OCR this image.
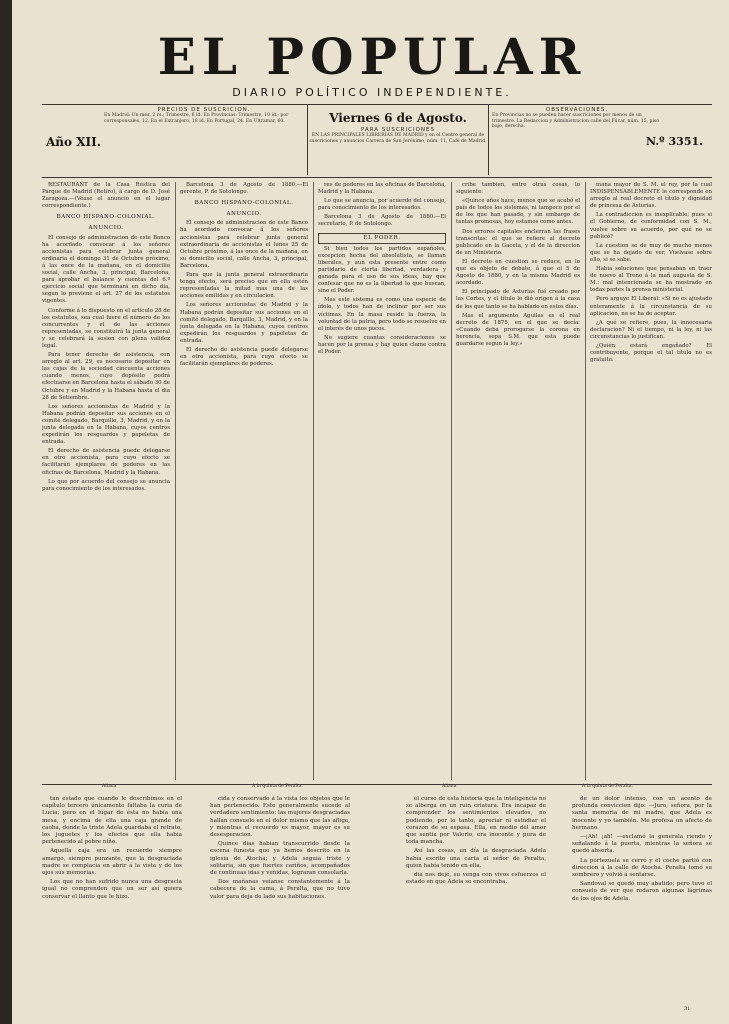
EL POPULAR
DIARIO POLÍTICO INDEPENDIENTE.
Año XII.
PRECIOS DE SUSCRICION.
En Madrid: Un mes, 2 rs.; Trimestre, 6 id. En Provincias: Trimestre, 10 id.; por corresponsales, 12. En el Extranjero, 18 id. En Portugal, 24. En Ultramar, 60.	Viernes 6 de Agosto.
PARA SUSCRICIONES
EN LAS PRINCIPALES LIBRERÍAS DE MADRID y en el Centro general de suscriciones y anuncios Carrera de San Jerónimo, núm. 11, Café de Madrid.
OBSERVACIONES.
En Provincias no se pueden hacer suscriciones por menos de un trimestre. La Redaccion y Administracion calle del Fúcar, núm. 15, piso bajo, derecha.
N.º 3351.

RESTAURANT de la Casa Rústica del Parque de Madrid (Retiro), á cargo de D. José Zaragoza.—(Véase el anuncio en el lugar correspondiente.)

BANCO HISPANO-COLONIAL.

ANUNCIO.

El consejo de administracion de este Banco ha acordado convocar á los señores accionistas para celebrar junta general ordinaria el domingo 31 de Octubre próximo, á las once de la mañana, en el domicilio social, calle Ancha, 3, principal, Barcelona, para aprobar el balance y cuentas del 6.º ejercicio social que terminará en dicho dia, segun lo previene el art. 27 de los estatutos vigentes.

Conforme á lo dispuesto en el artículo 28 de los estatutos, sea cual fuere el número de los concurrentes y el de las acciones representadas, se constituirá la junta general y se celebrará la sesion con plena validez legal.

Para tener derecho de asistencia, con arreglo al art. 29, es necesario depositar en las cajas de la sociedad cincuenta acciones cuando menos, cuyo depósito podrá efectuarse en Barcelona hasta el sábado 30 de Octubre y en Madrid y la Habana hasta el dia 28 de Setiembre.

Los señores accionistas de Madrid y la Habana podrán depositar sus acciones en el comité delegado, Barquillo, 3, Madrid, y en la junta delegada en la Habana, cuyos centros expedirán los resguardos y papeletas de entrada.

El derecho de asistencia puede delegarse en otro accionista, para cuyo efecto se facilitarán ejemplares de poderes en las oficinas de Barcelona, Madrid y la Habana.

Lo que por acuerdo del consejo se anuncia para conocimiento de los interesados.

Barcelona 3 de Agosto de 1880.—El gerente, P. de Sotolongo.

BANCO HISPANO-COLONIAL.

ANUNCIO.

El consejo de administracion de este Banco ha acordado convocar á los señores accionistas para celebrar junta general extraordinaria de accionistas el lunes 25 de Octubre próximo, á las once de la mañana, en su domicilio social, calle Ancha, 3, principal, Barcelona.

Para que la junta general extraordinaria tenga efecto, será preciso que en ella estén representadas la mitad mas una de las acciones emitidas y en circulacion.

Los señores accionistas de Madrid y la Habana podrán depositar sus acciones en el comité delegado, Barquillo, 3, Madrid, y en la junta delegada en la Habana, cuyos centros expedirán los resguardos y papeletas de entrada.

El derecho de asistencia puede delegarse en otro accionista, para cuyo efecto se facilitarán ejemplares de poderes.

res de poderes en las oficinas de Barcelona, Madrid y la Habana.

Lo que se anuncia, por acuerdo del consejo, para conocimiento de los interesados.

Barcelona 3 de Agosto de 1880.—El secretario, P. de Sotolongo.

EL PODER.

Si bien todos los partidos españoles, excepcion hecha del absolutista, se llaman liberales, y aun esta presente entre como partidario de cierta libertad, verdadera y ganada para el uso de sus ideas, hay que confesar que no es la libertad lo que buscan, sino el Poder.

Mas este sistema es como una especie de ídolo, y todos han de inclinar por ser sus víctimas. En la masa reside la fuerza, la voluntad de la patria, pero todo se resuelve en el interés de unos pocos.

No sugiere cuantas consideraciones se hacen por la prensa y hay quien clame contra el Poder.

cribe tambien, entre otras cosas, lo siguiente:

«Quince años hace, menos que se acabó el país de todos los sistemas, ni tampoco por el de los que han pasado, y sin embargo de tantas promesas, hoy estamos como antes.

Dos errores capitales enclerran las frases transcritas: el que se refiere al decreto publicado en la Gaceta, y el de la direccion de un Ministerio.

El decreto en cuestion se reduce, en lo que es objeto de debate, á que el 5 de Agosto de 1880, y en la misma Madrid es acordado.

El principado de Asturias fué creado por las Cortes, y el título le dió origen á la casa de los que tanto se ha hablado en estos días.

Mas el argumento Aguilas es el real decreto de 1875, en el que se decía: «Cuando deba prorogarse la corona en herencia, sepa S.M. que esta puede guardarse segun la ley.»

mana mayor de S. M. el rey, por la cual INDISPENSABLEMENTE le corresponde en arreglo al real decreto el título y dignidad de princesa de Asturias.

La contradiccion es inexplicable; pues si el Gobierno, de conformidad con S. M., vuelve sobre su acuerdo, por qué no se publicó?

La cuestion se de muy de mucho menos que se ha dejado de ver, Vuelvase sobre ello, si se sabe.

Habia soluciones que pensaban en traer de nuevo al Trono á la mañ augusta de S. M.: mal intencionada se ha mostrado en todas partes la prensa ministerial.

Pero arguye El Liberal: «Si no es ajustado enteramente á la circunstancia de su aplicacion, no se ha de aceptar.

¿A qué se refiere, pues, la innecesaria declaracion? Ni el tiempo, ni la ley, ni las circunstancias lo justifican.

¿Quién estará engañado? El contribuyente, porque el tal título no es gratuito.

Aliana	A la quinta de Peralta.	Aliana	A la quinta de Peralta.

tan estado que cuando le describimos en el capítulo tercero únicamente faltaba la curia de Lucia; pero en el lugar de ésta no habia una mesa, y encima de ella una caja grande de caoba, donde la triste Adela guardaba el retrato, los juguetes y los efectos que ella habia pertenecido al pobre niño.

Aquella caja era un recuerdo siempre amargo, siempre punzante, que la desgraciada madre se complacia en abrir á la vista y de los ojos sus memorias.

Los que no han sufrido nunca una desgracia igual no comprenden que un ser así quiera conservar el llanto que le hizo.

cida y conservado á la vista los objetos que le han pertenecido. Esto generalmente sucede al verdadero sentimiento: las mujeres desgraciadas hallan consuelo en el dolor mismo que las aflige, y mientras el recuerdo es mayor, mayor es su desesperacion.

Quince dias habian transcurrido desde la escena funesta que ya hemos descrito en la iglesia de Atocha; y Adela seguia triste y solitaria, sin que fuertes cariños, acompañados de continuas idas y venidas, lograran consolarla.

Dos mañanas veíanse constantemente á la cabecera de la cama, á Peralta, que no tuvo valor para deja de lado sus habitaciones.

el curso de esta historia que la inteligencia no se alberga en un ruin criatura. Era incapaz de comprender los sentimientos elevados, no pudiendo, por lo tanto, apreciar ni estudiar el corazon de su esposa. Ella, en medio del amor que sentia por Valerio, era inocente y pura de toda mancha.

Así las cosas, un día la desgraciada Adela había escrito una carta al señor de Peralta, quien había tenido en ella.

dia nos dejé, su venga con vivos esfuerzos el estado en que Adela se encontraba.

de un dolor intenso, con un acento de profunda conviccion dijo: —Juro, señora, por la santa memoria de mi madre, que Adela es inocente y yo también. Me profesa un afecto de hermano.

—¡Ah! ¡ah! —exclamó la generala riendo y señalando á la puerta, mientras la señora se quedó absorta.

La portezuela se cerró y el coche partió con direccion á la calle de Atocha. Peralta tomó su sombrero y volvió á sentarse.

Sandoval se quedó muy abatido; pero tuvo el consuelo de ver que rodaron algunas lágrimas de los ojos de Adela.

31
